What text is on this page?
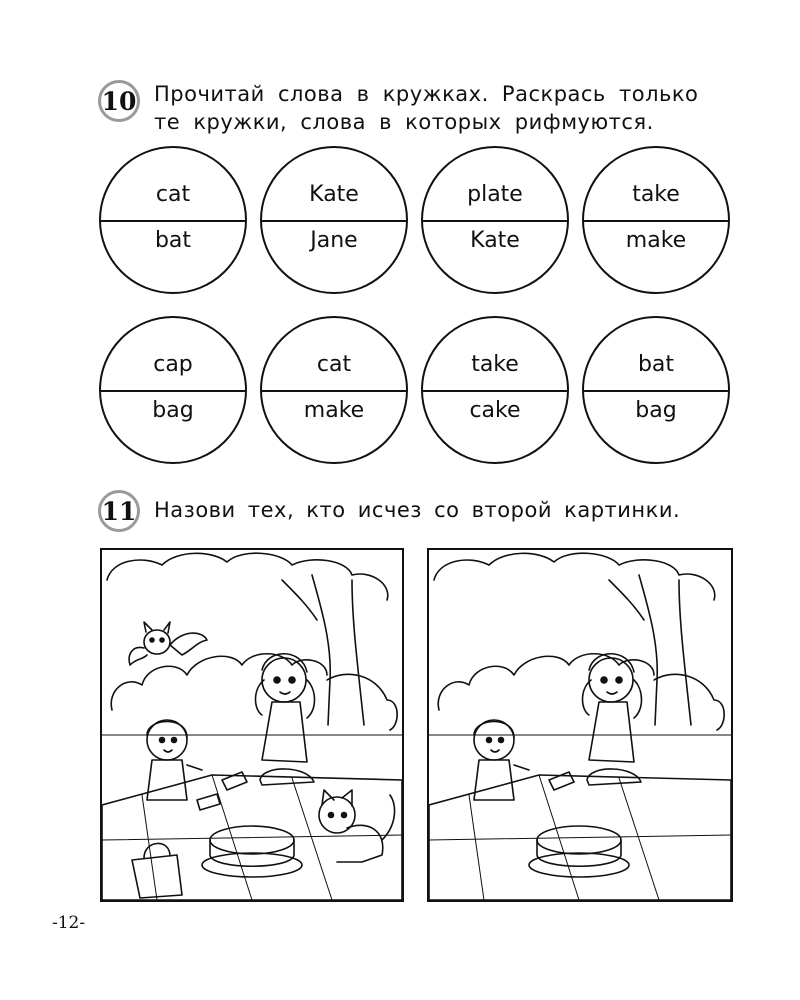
10 Прочитай слова в кружках. Раскрась только те кружки, слова в которых рифмуются.
cat
bat
Kate
Jane
plate
Kate
take
make
cap
bag
cat
make
take
cake
bat
bag
11 Назови тех, кто исчез со второй картинки.
-12-
